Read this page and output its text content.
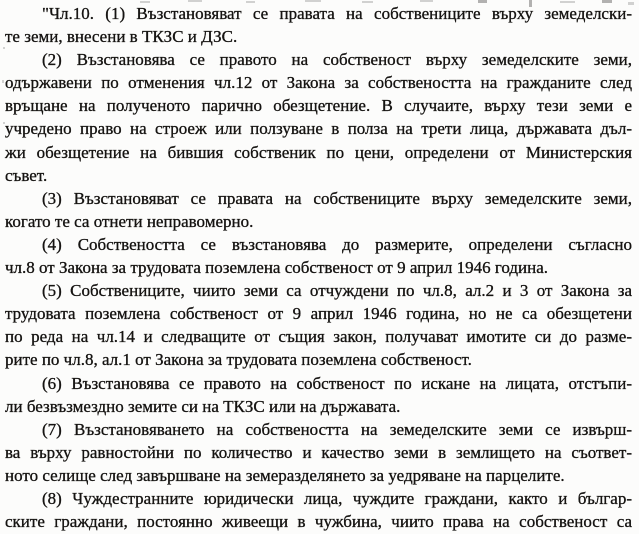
"Чл.10. (1) Възстановяват се правата на собствениците върху земеделски-
те земи, внесени в ТКЗС и ДЗС.
(2) Възстановява се правото на собственост върху земеделските земи,
одържавени по отменения чл.12 от Закона за собствеността на гражданите след
връщане на полученото парично обезщетение. В случаите, върху тези земи е
учредено право на строеж или ползуване в полза на трети лица, държавата дъл-
жи обезщетение на бившия собственик по цени, определени от Министерския
съвет.
(3) Възстановяват се правата на собствениците върху земеделските земи,
когато те са отнети неправомерно.
(4) Собствеността се възстановява до размерите, определени съгласно
чл.8 от Закона за трудовата поземлена собственост от 9 април 1946 година.
(5) Собствениците, чиито земи са отчуждени по чл.8, ал.2 и 3 от Закона за
трудовата поземлена собственост от 9 април 1946 година, но не са обезщетени
по реда на чл.14 и следващите от същия закон, получават имотите си до разме-
рите по чл.8, ал.1 от Закона за трудовата поземлена собственост.
(6) Възстановява се правото на собственост по искане на лицата, отстъпи-
ли безвъзмездно земите си на ТКЗС или на държавата.
(7) Възстановяването на собствеността на земеделските земи се извърш-
ва върху равностойни по количество и качество земи в землището на съответ-
ното селище след завършване на земеразделянето за уедряване на парцелите.
(8) Чуждестранните юридически лица, чуждите граждани, както и българ-
ските граждани, постоянно живеещи в чужбина, чиито права на собственост са
